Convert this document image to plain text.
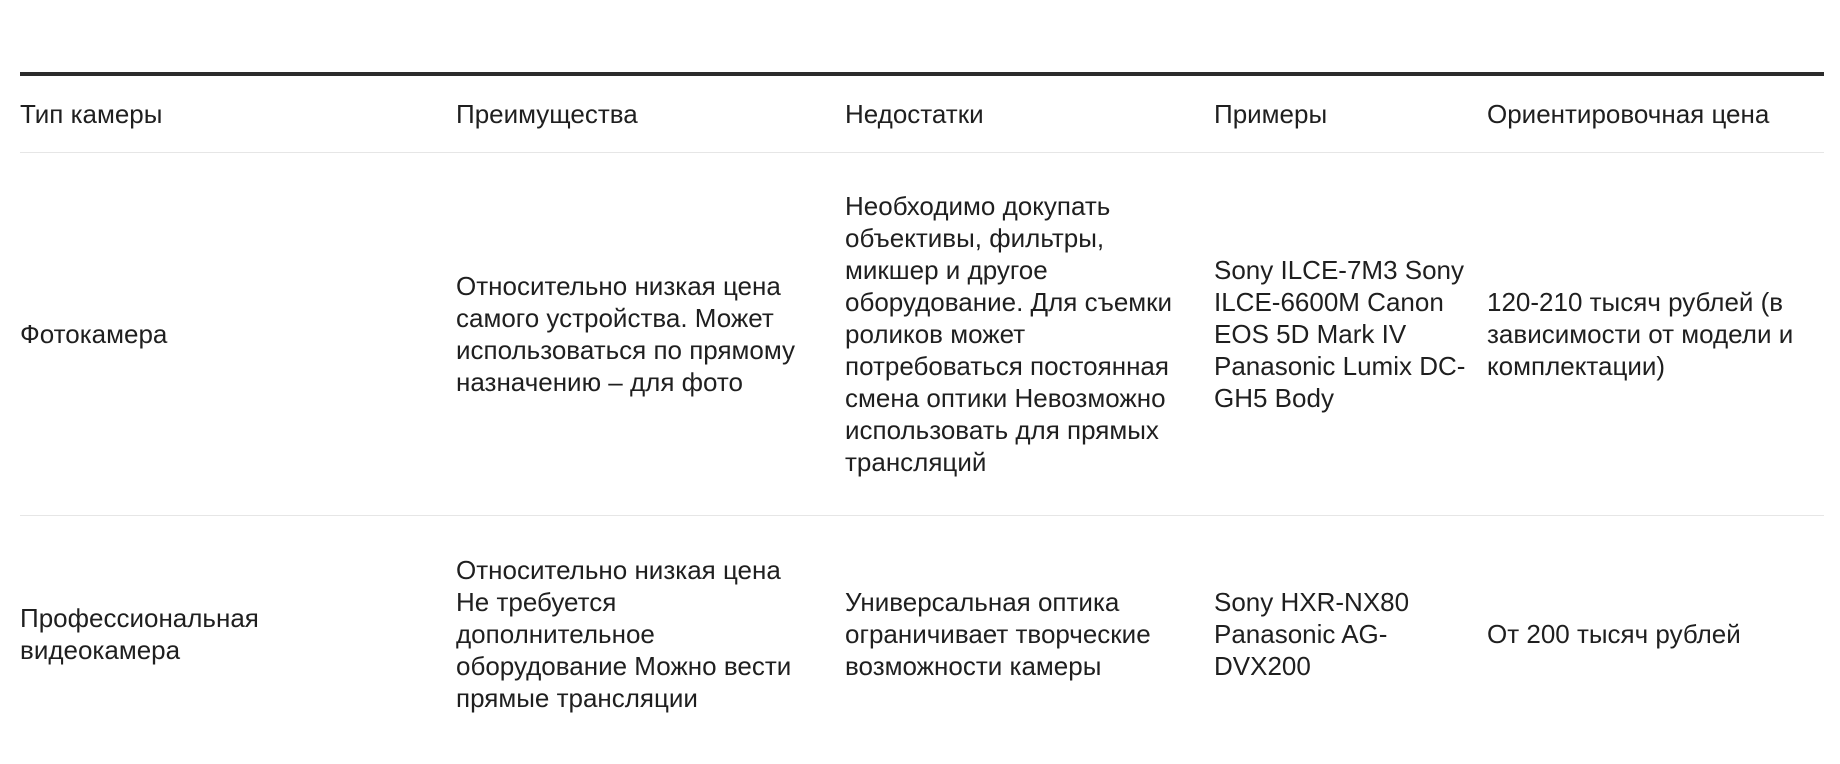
Тип камеры	Преимущества	Недостатки	Примеры	Ориентировочная цена

Фотокамера	Относительно низкая цена самого устройства. Может использоваться по прямому назначению – для фото	Необходимо докупать объективы, фильтры, микшер и другое оборудование. Для съемки роликов может потребоваться постоянная смена оптики Невозможно использовать для прямых трансляций	Sony ILCE-7M3 Sony ILCE-6600M Canon EOS 5D Mark IV Panasonic Lumix DC-GH5 Body	120-210 тысяч рублей (в зависимости от модели и комплектации)

Профессиональная видеокамера	Относительно низкая цена Не требуется дополнительное оборудование Можно вести прямые трансляции	Универсальная оптика ограничивает творческие возможности камеры	Sony HXR-NX80 Panasonic AG-DVX200	От 200 тысяч рублей
